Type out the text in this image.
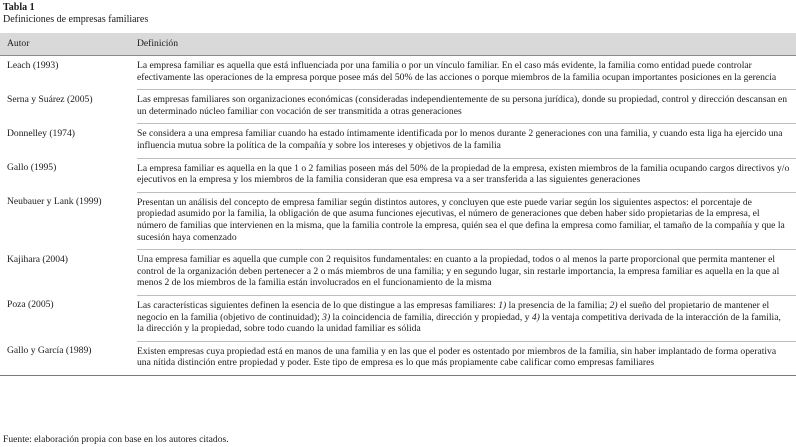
Tabla 1
Definiciones de empresas familiares
Autor	Definición
Leach (1993)	La empresa familiar es aquella que está influenciada por una familia o por un vínculo familiar. En el caso más evidente, la familia como entidad puede controlar efectivamente las operaciones de la empresa porque posee más del 50% de las acciones o porque miembros de la familia ocupan importantes posiciones en la gerencia
Serna y Suárez (2005)	Las empresas familiares son organizaciones económicas (consideradas independientemente de su persona jurídica), donde su propiedad, control y dirección descansan en un determinado núcleo familiar con vocación de ser transmitida a otras generaciones
Donnelley (1974)	Se considera a una empresa familiar cuando ha estado íntimamente identificada por lo menos durante 2 generaciones con una familia, y cuando esta liga ha ejercido una influencia mutua sobre la política de la compañía y sobre los intereses y objetivos de la familia
Gallo (1995)	La empresa familiar es aquella en la que 1 o 2 familias poseen más del 50% de la propiedad de la empresa, existen miembros de la familia ocupando cargos directivos y/o ejecutivos en la empresa y los miembros de la familia consideran que esa empresa va a ser transferida a las siguientes generaciones
Neubauer y Lank (1999)	Presentan un análisis del concepto de empresa familiar según distintos autores, y concluyen que este puede variar según los siguientes aspectos: el porcentaje de propiedad asumido por la familia, la obligación de que asuma funciones ejecutivas, el número de generaciones que deben haber sido propietarias de la empresa, el número de familias que intervienen en la misma, que la familia controle la empresa, quién sea el que defina la empresa como familiar, el tamaño de la compañía y que la sucesión haya comenzado
Kajihara (2004)	Una empresa familiar es aquella que cumple con 2 requisitos fundamentales: en cuanto a la propiedad, todos o al menos la parte proporcional que permita mantener el control de la organización deben pertenecer a 2 o más miembros de una familia; y en segundo lugar, sin restarle importancia, la empresa familiar es aquella en la que al menos 2 de los miembros de la familia están involucrados en el funcionamiento de la misma
Poza (2005)	Las características siguientes definen la esencia de lo que distingue a las empresas familiares: 1) la presencia de la familia; 2) el sueño del propietario de mantener el negocio en la familia (objetivo de continuidad); 3) la coincidencia de familia, dirección y propiedad, y 4) la ventaja competitiva derivada de la interacción de la familia, la dirección y la propiedad, sobre todo cuando la unidad familiar es sólida
Gallo y García (1989)	Existen empresas cuya propiedad está en manos de una familia y en las que el poder es ostentado por miembros de la familia, sin haber implantado de forma operativa una nítida distinción entre propiedad y poder. Este tipo de empresa es lo que más propiamente cabe calificar como empresas familiares
Fuente: elaboración propia con base en los autores citados.
